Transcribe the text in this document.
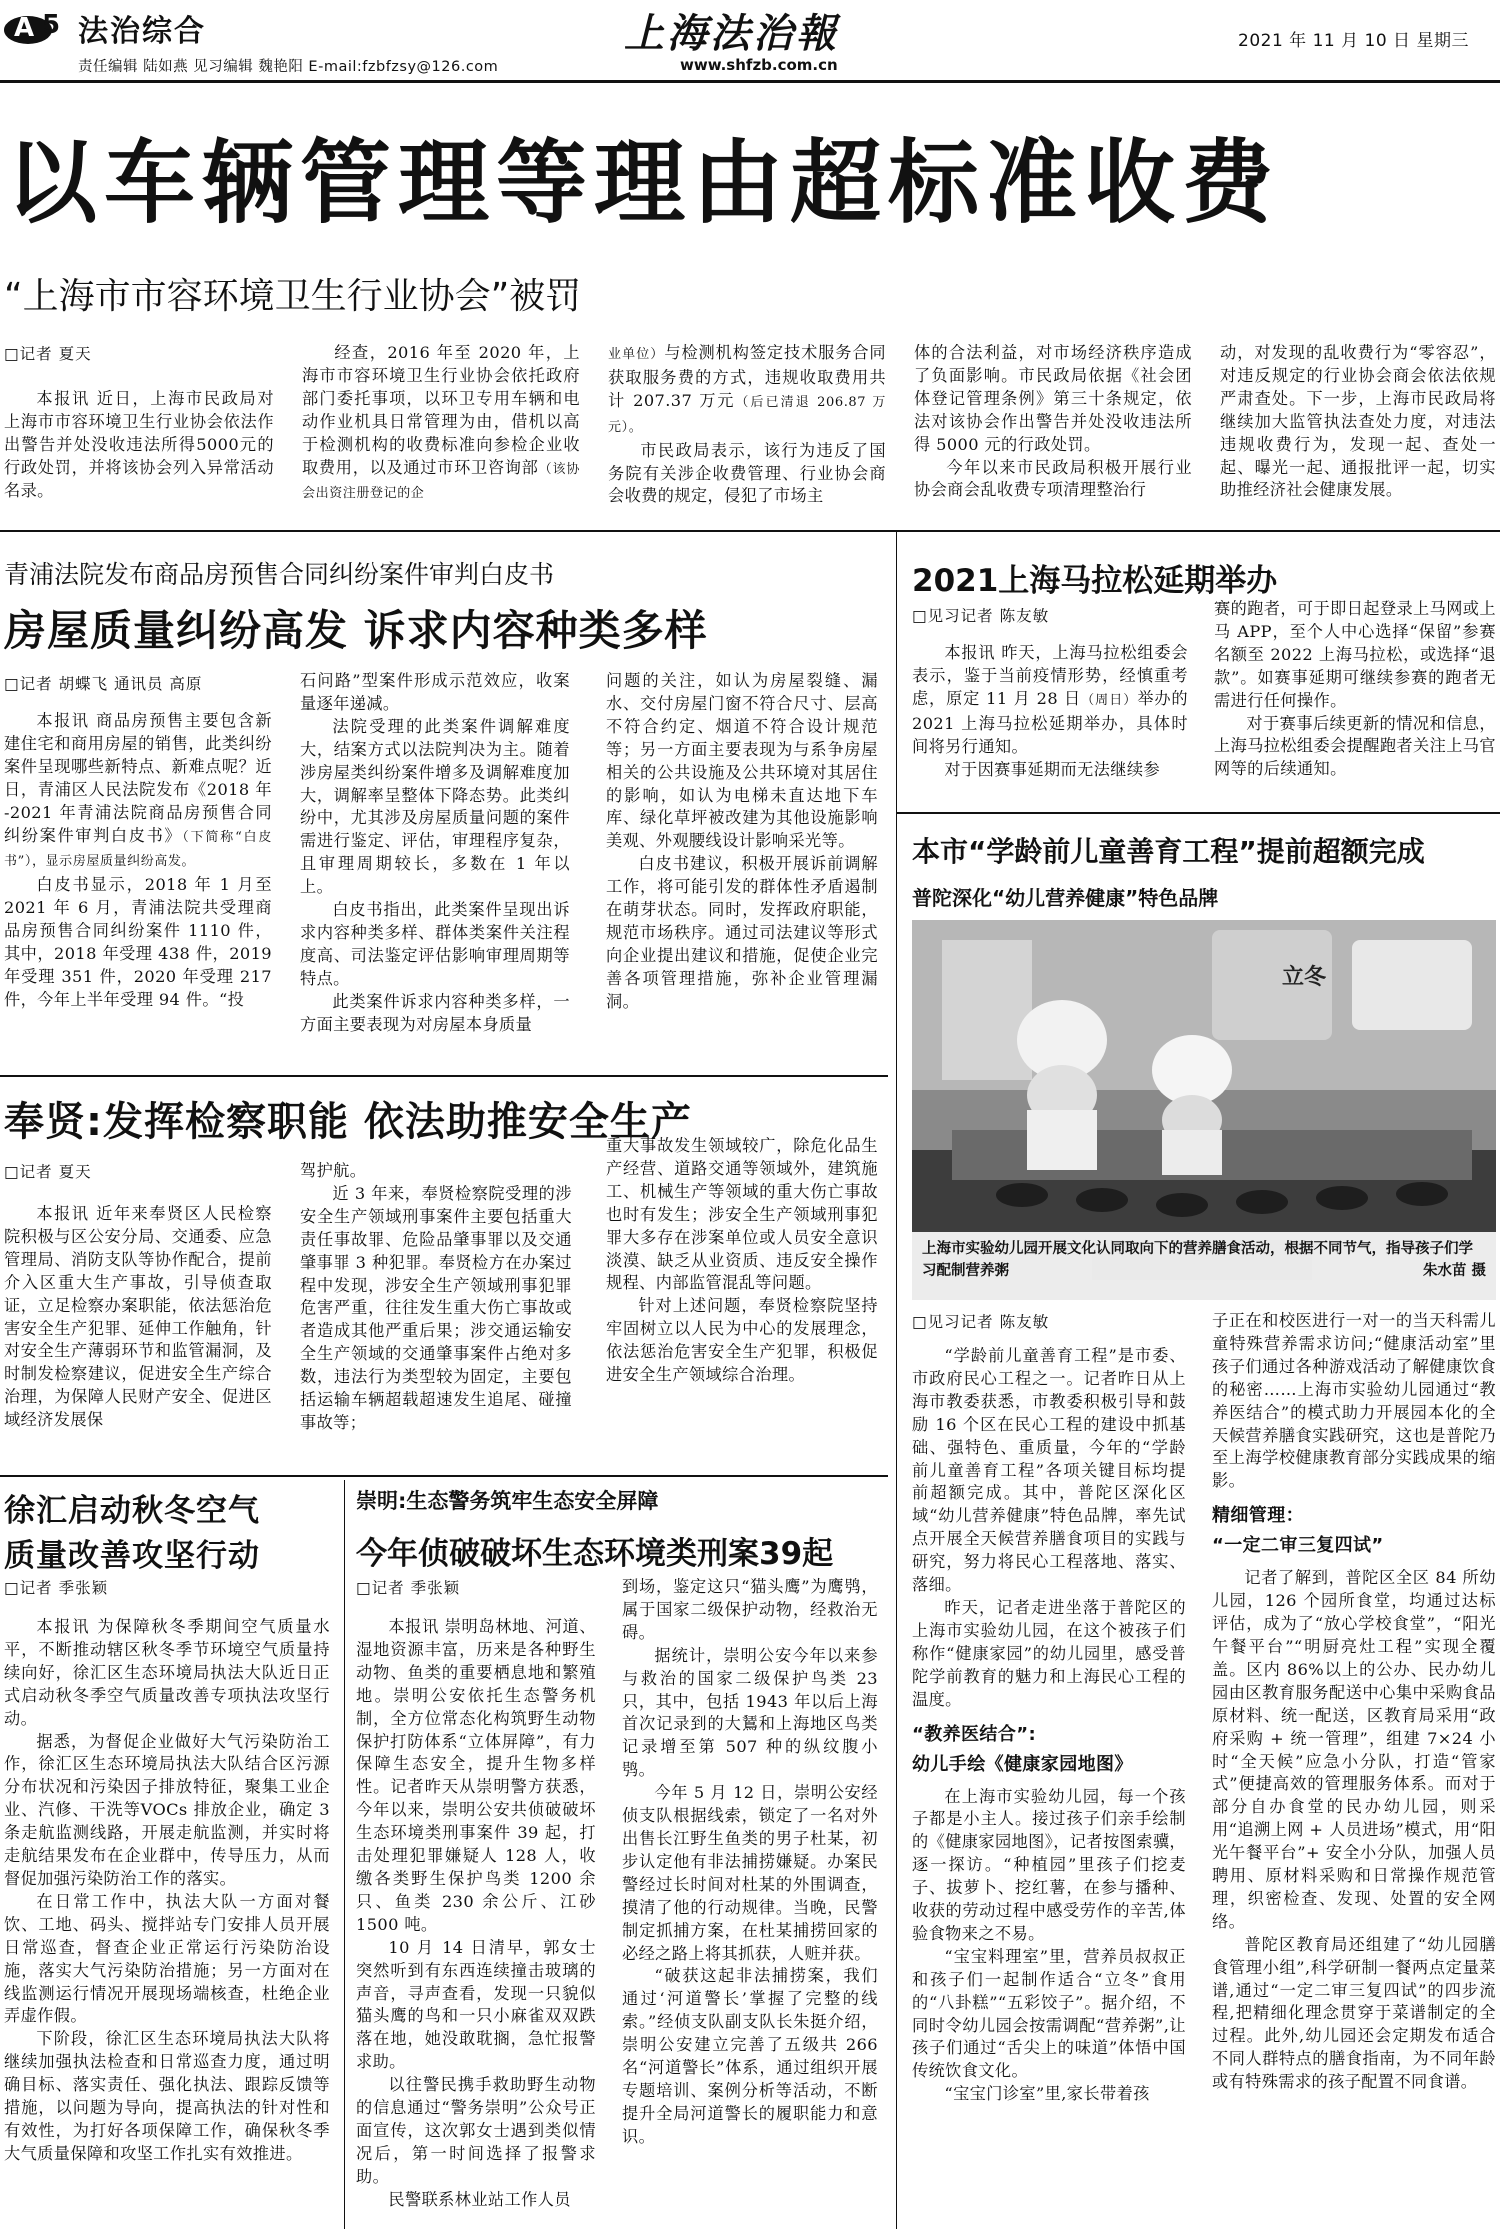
A 5 法治综合
责任编辑 陆如燕 见习编辑 魏艳阳 E-mail:fzbfzsy@126.com
上海法治報
www.shfzb.com.cn
2021 年 11 月 10 日 星期三
以车辆管理等理由超标准收费
“上海市市容环境卫生行业协会”被罚
□记者 夏天

本报讯 近日，上海市民政局对上海市市容环境卫生行业协会依法作出警告并处没收违法所得5000元的行政处罚，并将该协会列入异常活动名录。

经查，2016 年至 2020 年，上海市市容环境卫生行业协会依托政府部门委托事项，以环卫专用车辆和电动作业机具日常管理为由，借机以高于检测机构的收费标准向参检企业收取费用，以及通过市环卫咨询部（该协会出资注册登记的企

业单位）与检测机构签定技术服务合同获取服务费的方式，违规收取费用共计 207.37 万元（后已清退 206.87 万元）。

市民政局表示，该行为违反了国务院有关涉企收费管理、行业协会商会收费的规定，侵犯了市场主

体的合法利益，对市场经济秩序造成了负面影响。市民政局依据《社会团体登记管理条例》第三十条规定，依法对该协会作出警告并处没收违法所得 5000 元的行政处罚。

今年以来市民政局积极开展行业协会商会乱收费专项清理整治行

动，对发现的乱收费行为“零容忍”，对违反规定的行业协会商会依法依规严肃查处。下一步，上海市民政局将继续加大监管执法查处力度，对违法违规收费行为，发现一起、查处一起、曝光一起、通报批评一起，切实助推经济社会健康发展。

青浦法院发布商品房预售合同纠纷案件审判白皮书
房屋质量纠纷高发 诉求内容种类多样
□记者 胡蝶飞 通讯员 高原

本报讯 商品房预售主要包含新建住宅和商用房屋的销售，此类纠纷案件呈现哪些新特点、新难点呢？近日，青浦区人民法院发布《2018 年 -2021 年青浦法院商品房预售合同纠纷案件审判白皮书》（下简称“白皮书”），显示房屋质量纠纷高发。

白皮书显示，2018 年 1 月至 2021 年 6 月，青浦法院共受理商品房预售合同纠纷案件 1110 件，其中，2018 年受理 438 件，2019 年受理 351 件，2020 年受理 217 件，今年上半年受理 94 件。“投

石问路”型案件形成示范效应，收案量逐年递减。

法院受理的此类案件调解难度大，结案方式以法院判决为主。随着涉房屋类纠纷案件增多及调解难度加大，调解率呈整体下降态势。此类纠纷中，尤其涉及房屋质量问题的案件需进行鉴定、评估，审理程序复杂，且审理周期较长，多数在 1 年以上。

白皮书指出，此类案件呈现出诉求内容种类多样、群体类案件关注程度高、司法鉴定评估影响审理周期等特点。

此类案件诉求内容种类多样，一方面主要表现为对房屋本身质量

问题的关注，如认为房屋裂缝、漏水、交付房屋门窗不符合尺寸、层高不符合约定、烟道不符合设计规范等；另一方面主要表现为与系争房屋相关的公共设施及公共环境对其居住的影响，如认为电梯未直达地下车库、绿化草坪被改建为其他设施影响美观、外观腰线设计影响采光等。

白皮书建议，积极开展诉前调解工作，将可能引发的群体性矛盾遏制在萌芽状态。同时，发挥政府职能，规范市场秩序。通过司法建议等形式向企业提出建议和措施，促使企业完善各项管理措施，弥补企业管理漏洞。

奉贤:发挥检察职能 依法助推安全生产
□记者 夏天

本报讯 近年来奉贤区人民检察院积极与区公安分局、交通委、应急管理局、消防支队等协作配合，提前介入区重大生产事故，引导侦查取证，立足检察办案职能，依法惩治危害安全生产犯罪、延伸工作触角，针对安全生产薄弱环节和监管漏洞，及时制发检察建议，促进安全生产综合治理，为保障人民财产安全、促进区域经济发展保

驾护航。

近 3 年来，奉贤检察院受理的涉安全生产领域刑事案件主要包括重大责任事故罪、危险品肇事罪以及交通肇事罪 3 种犯罪。奉贤检方在办案过程中发现，涉安全生产领域刑事犯罪危害严重，往往发生重大伤亡事故或者造成其他严重后果；涉交通运输安全生产领域的交通肇事案件占绝对多数，违法行为类型较为固定，主要包括运输车辆超载超速发生追尾、碰撞事故等；

重大事故发生领域较广，除危化品生产经营、道路交通等领域外，建筑施工、机械生产等领域的重大伤亡事故也时有发生；涉安全生产领域刑事犯罪大多存在涉案单位或人员安全意识淡漠、缺乏从业资质、违反安全操作规程、内部监管混乱等问题。

针对上述问题，奉贤检察院坚持牢固树立以人民为中心的发展理念，依法惩治危害安全生产犯罪，积极促进安全生产领域综合治理。

徐汇启动秋冬空气
质量改善攻坚行动
□记者 季张颖

本报讯 为保障秋冬季期间空气质量水平，不断推动辖区秋冬季节环境空气质量持续向好，徐汇区生态环境局执法大队近日正式启动秋冬季空气质量改善专项执法攻坚行动。

据悉，为督促企业做好大气污染防治工作，徐汇区生态环境局执法大队结合区污源分布状况和污染因子排放特征，聚集工业企业、汽修、干洗等VOCs 排放企业，确定 3 条走航监测线路，开展走航监测，并实时将走航结果发布在企业群中，传导压力，从而督促加强污染防治工作的落实。

在日常工作中，执法大队一方面对餐饮、工地、码头、搅拌站专门安排人员开展日常巡查，督查企业正常运行污染防治设施，落实大气污染防治措施；另一方面对在线监测运行情况开展现场端核查，杜绝企业弄虚作假。

下阶段，徐汇区生态环境局执法大队将继续加强执法检查和日常巡查力度，通过明确目标、落实责任、强化执法、跟踪反馈等措施，以问题为导向，提高执法的针对性和有效性，为打好各项保障工作，确保秋冬季大气质量保障和攻坚工作扎实有效推进。

崇明:生态警务筑牢生态安全屏障
今年侦破破坏生态环境类刑案39起
□记者 季张颖

本报讯 崇明岛林地、河道、湿地资源丰富，历来是各种野生动物、鱼类的重要栖息地和繁殖地。崇明公安依托生态警务机制，全方位常态化构筑野生动物保护打防体系“立体屏障”，有力保障生态安全，提升生物多样性。记者昨天从崇明警方获悉，今年以来，崇明公安共侦破破坏生态环境类刑事案件 39 起，打击处理犯罪嫌疑人 128 人，收缴各类野生保护鸟类 1200 余只、鱼类 230 余公斤、江砂 1500 吨。

10 月 14 日清早，郭女士突然听到有东西连续撞击玻璃的声音，寻声查看，发现一只貌似猫头鹰的鸟和一只小麻雀双双跌落在地，她没敢耽搁，急忙报警求助。

以往警民携手救助野生动物的信息通过“警务崇明”公众号正面宣传，这次郭女士遇到类似情况后，第一时间选择了报警求助。

民警联系林业站工作人员

到场，鉴定这只“猫头鹰”为鹰鸮，属于国家二级保护动物，经救治无碍。

据统计，崇明公安今年以来参与救治的国家二级保护鸟类 23 只，其中，包括 1943 年以后上海首次记录到的大鵟和上海地区鸟类记录增至第 507 种的纵纹腹小鸮。

今年 5 月 12 日，崇明公安经侦支队根据线索，锁定了一名对外出售长江野生鱼类的男子杜某，初步认定他有非法捕捞嫌疑。办案民警经过长时间对杜某的外围调查，摸清了他的行动规律。当晚，民警制定抓捕方案，在杜某捕捞回家的必经之路上将其抓获，人赃并获。

“破获这起非法捕捞案，我们通过‘河道警长’掌握了完整的线索。”经侦支队副支队长朱挺介绍，崇明公安建立完善了五级共 266 名“河道警长”体系，通过组织开展专题培训、案例分析等活动，不断提升全局河道警长的履职能力和意识。

2021上海马拉松延期举办
□见习记者 陈友敏

本报讯 昨天，上海马拉松组委会表示，鉴于当前疫情形势，经慎重考虑，原定 11 月 28 日（周日）举办的 2021 上海马拉松延期举办，具体时间将另行通知。

对于因赛事延期而无法继续参

赛的跑者，可于即日起登录上马网或上马 APP，至个人中心选择“保留”参赛名额至 2022 上海马拉松，或选择“退款”。如赛事延期可继续参赛的跑者无需进行任何操作。

对于赛事后续更新的情况和信息，上海马拉松组委会提醒跑者关注上马官网等的后续通知。

本市“学龄前儿童善育工程”提前超额完成
普陀深化“幼儿营养健康”特色品牌
立冬
上海市实验幼儿园开展文化认同取向下的营养膳食活动，根据不同节气，指导孩子们学习配制营养粥	朱水苗 摄
□见习记者 陈友敏

“学龄前儿童善育工程”是市委、市政府民心工程之一。记者昨日从上海市教委获悉，市教委积极引导和鼓励 16 个区在民心工程的建设中抓基础、强特色、重质量，今年的“学龄前儿童善育工程”各项关键目标均提前超额完成。其中，普陀区深化区域“幼儿营养健康”特色品牌，率先试点开展全天候营养膳食项目的实践与研究，努力将民心工程落地、落实、落细。

昨天，记者走进坐落于普陀区的上海市实验幼儿园，在这个被孩子们称作“健康家园”的幼儿园里，感受普陀学前教育的魅力和上海民心工程的温度。

“教养医结合”:

幼儿手绘《健康家园地图》

在上海市实验幼儿园，每一个孩子都是小主人。接过孩子们亲手绘制的《健康家园地图》，记者按图索骥，逐一探访。“种植园”里孩子们挖麦子、拔萝卜、挖红薯，在参与播种、收获的劳动过程中感受劳作的辛苦,体验食物来之不易。

“宝宝料理室”里，营养员叔叔正和孩子们一起制作适合“立冬”食用的“八卦糕”“五彩饺子”。据介绍，不同时令幼儿园会按需调配“营养粥”,让孩子们通过“舌尖上的味道”体悟中国传统饮食文化。

“宝宝门诊室”里,家长带着孩

子正在和校医进行一对一的当天科需儿童特殊营养需求访问;“健康活动室”里孩子们通过各种游戏活动了解健康饮食的秘密……上海市实验幼儿园通过“教养医结合”的模式助力开展园本化的全天候营养膳食实践研究，这也是普陀乃至上海学校健康教育部分实践成果的缩影。

精细管理：

“一定二审三复四试”

记者了解到，普陀区全区 84 所幼儿园，126 个园所食堂，均通过达标评估，成为了“放心学校食堂”，“阳光午餐平台”“明厨亮灶工程”实现全覆盖。区内 86%以上的公办、民办幼儿园由区教育服务配送中心集中采购食品原材料、统一配送，区教育局采用“政府采购 + 统一管理”，组建 7×24 小时“全天候”应急小分队，打造“管家式”便捷高效的管理服务体系。而对于部分自办食堂的民办幼儿园，则采用“追溯上网 + 人员进场”模式，用“阳光午餐平台”+ 安全小分队，加强人员聘用、原材料采购和日常操作规范管理，织密检查、发现、处置的安全网络。

普陀区教育局还组建了“幼儿园膳食管理小组”,科学研制一餐两点定量菜谱,通过“一定二审三复四试”的四步流程,把精细化理念贯穿于菜谱制定的全过程。此外,幼儿园还会定期发布适合不同人群特点的膳食指南，为不同年龄或有特殊需求的孩子配置不同食谱。
